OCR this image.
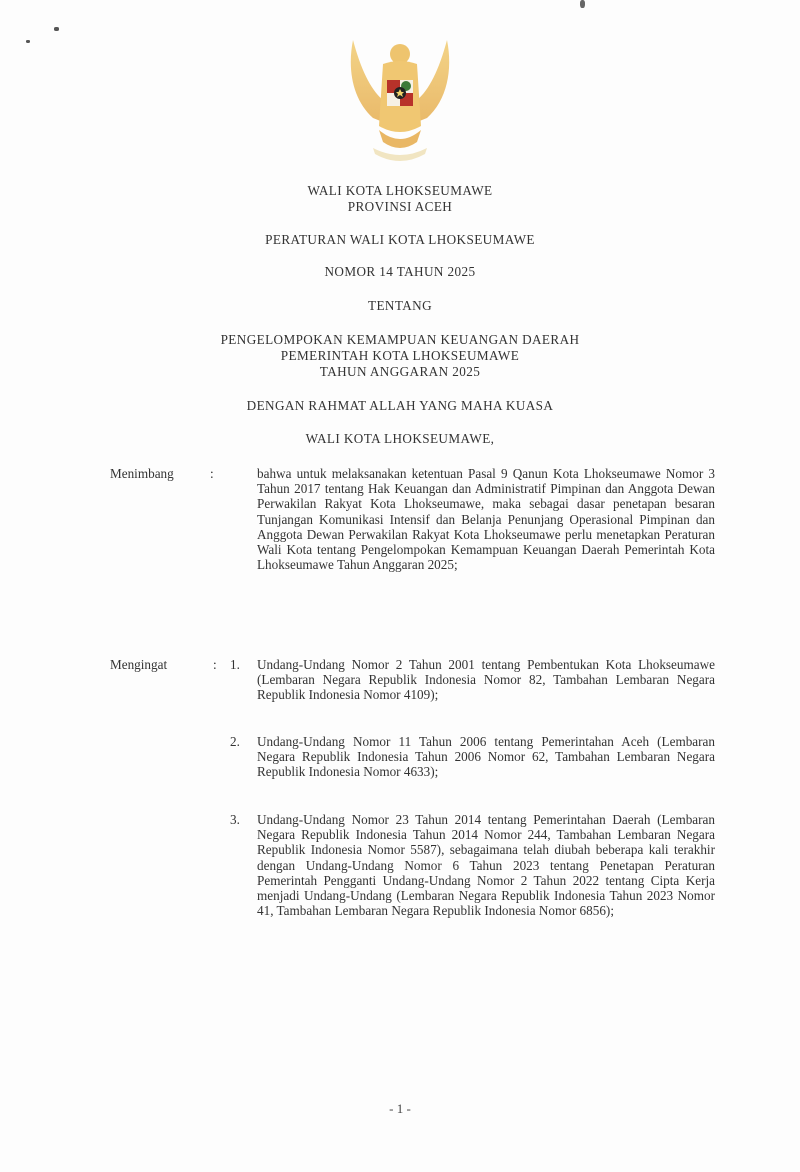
WALI KOTA LHOKSEUMAWE
PROVINSI ACEH
PERATURAN WALI KOTA LHOKSEUMAWE
NOMOR 14 TAHUN 2025
TENTANG
PENGELOMPOKAN KEMAMPUAN KEUANGAN DAERAH
PEMERINTAH KOTA LHOKSEUMAWE
TAHUN ANGGARAN 2025
DENGAN RAHMAT ALLAH YANG MAHA KUASA
WALI KOTA LHOKSEUMAWE,
Menimbang	:	bahwa untuk melaksanakan ketentuan Pasal 9 Qanun Kota Lhokseumawe Nomor 3 Tahun 2017 tentang Hak Keuangan dan Administratif Pimpinan dan Anggota Dewan Perwakilan Rakyat Kota Lhokseumawe, maka sebagai dasar penetapan besaran Tunjangan Komunikasi Intensif dan Belanja Penunjang Operasional Pimpinan dan Anggota Dewan Perwakilan Rakyat Kota Lhokseumawe perlu menetapkan Peraturan Wali Kota tentang Pengelompokan Kemampuan Keuangan Daerah Pemerintah Kota Lhokseumawe Tahun Anggaran 2025;
Mengingat	: 1. Undang-Undang Nomor 2 Tahun 2001 tentang Pembentukan Kota Lhokseumawe (Lembaran Negara Republik Indonesia Nomor 82, Tambahan Lembaran Negara Republik Indonesia Nomor 4109);
2. Undang-Undang Nomor 11 Tahun 2006 tentang Pemerintahan Aceh (Lembaran Negara Republik Indonesia Tahun 2006 Nomor 62, Tambahan Lembaran Negara Republik Indonesia Nomor 4633);
3. Undang-Undang Nomor 23 Tahun 2014 tentang Pemerintahan Daerah (Lembaran Negara Republik Indonesia Tahun 2014 Nomor 244, Tambahan Lembaran Negara Republik Indonesia Nomor 5587), sebagaimana telah diubah beberapa kali terakhir dengan Undang-Undang Nomor 6 Tahun 2023 tentang Penetapan Peraturan Pemerintah Pengganti Undang-Undang Nomor 2 Tahun 2022 tentang Cipta Kerja menjadi Undang-Undang (Lembaran Negara Republik Indonesia Tahun 2023 Nomor 41, Tambahan Lembaran Negara Republik Indonesia Nomor 6856);
- 1 -
